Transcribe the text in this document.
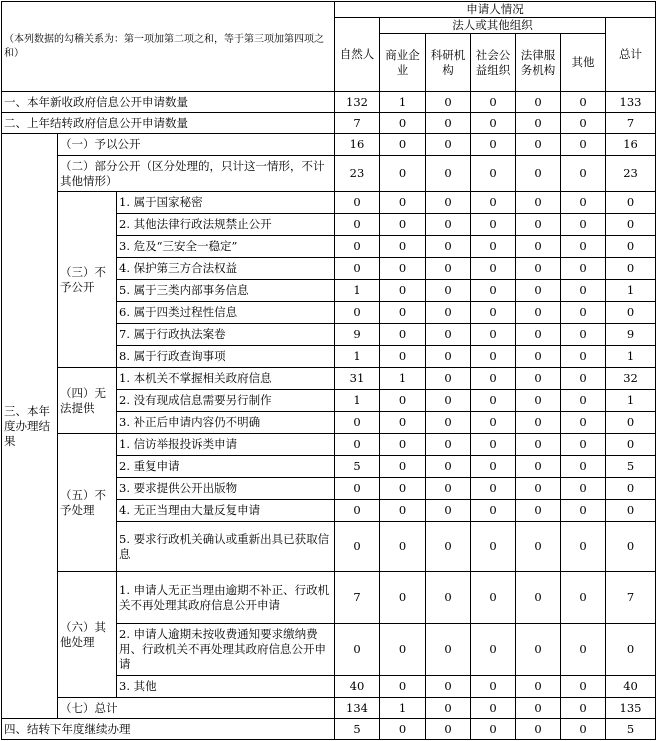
（本列数据的勾稽关系为：第一项加第二项之和，等于第三项加第四项之和）			申请人情况						
			自然人	法人或其他组织					总计
				商业企业	科研机构	社会公益组织	法律服务机构	其他	
一、本年新收政府信息公开申请数量			132	1	0	0	0	0	133
二、上年结转政府信息公开申请数量			7	0	0	0	0	0	7
三、本年度办理结果	（一）予以公开		16	0	0	0	0	0	16
	（二）部分公开（区分处理的，只计这一情形，不计其他情形）		23	0	0	0	0	0	23
	（三）不予公开	1. 属于国家秘密	0	0	0	0	0	0	0
		2. 其他法律行政法规禁止公开	0	0	0	0	0	0	0
		3. 危及“三安全一稳定”	0	0	0	0	0	0	0
		4. 保护第三方合法权益	0	0	0	0	0	0	0
		5. 属于三类内部事务信息	1	0	0	0	0	0	1
		6. 属于四类过程性信息	0	0	0	0	0	0	0
		7. 属于行政执法案卷	9	0	0	0	0	0	9
		8. 属于行政查询事项	1	0	0	0	0	0	1
	（四）无法提供	1. 本机关不掌握相关政府信息	31	1	0	0	0	0	32
		2. 没有现成信息需要另行制作	1	0	0	0	0	0	1
		3. 补正后申请内容仍不明确	0	0	0	0	0	0	0
	（五）不予处理	1. 信访举报投诉类申请	0	0	0	0	0	0	0
		2. 重复申请	5	0	0	0	0	0	5
		3. 要求提供公开出版物	0	0	0	0	0	0	0
		4. 无正当理由大量反复申请	0	0	0	0	0	0	0
		5. 要求行政机关确认或重新出具已获取信息	0	0	0	0	0	0	0
	（六）其他处理	1. 申请人无正当理由逾期不补正、行政机关不再处理其政府信息公开申请	7	0	0	0	0	0	7
		2. 申请人逾期未按收费通知要求缴纳费用、行政机关不再处理其政府信息公开申请	0	0	0	0	0	0	0
		3. 其他	40	0	0	0	0	0	40
	（七）总计		134	1	0	0	0	0	135
四、结转下年度继续办理			5	0	0	0	0	0	5
